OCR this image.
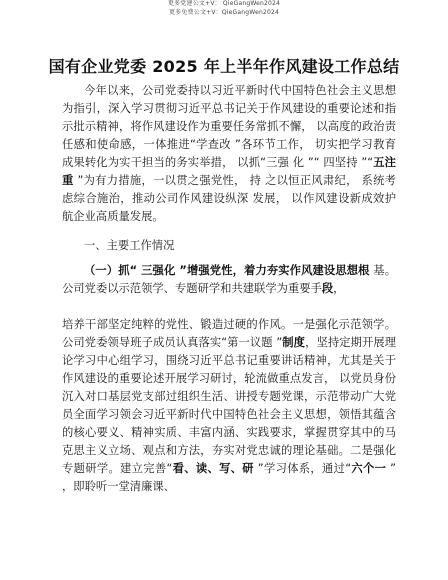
更多党建公文+V： QieGangWen2024
更多免费公文+V：QieGangWen2024
国有企业党委 2025 年上半年作风建设工作总结

今年以来，公司党委持以习近平新时代中国特色社会主义思想为指引，深入学习贯彻习近平总书记关于作风建设的重要论述和指示批示精神，将作风建设作为重要任务常抓不懈， 以高度的政治责任感和使命感，一体推进“学查改 ”各环节工作， 切实把学习教育成果转化为实干担当的务实举措， 以抓“三强 化 ”“ 四坚持 ”“五注重 ”为有力措施，一以贯之强党性， 持 之以恒正风肃纪， 系统考虑综合施治，推动公司作风建设纵深 发展， 以作风建设新成效护航企业高质量发展。

一、主要工作情况

（一）抓“ 三强化 ”增强党性，着力夯实作风建设思想根 基。公司党委以示范领学、专题研学和共建联学为重要手段，

培养干部坚定纯粹的党性、锻造过硬的作风。一是强化示范领学。公司党委领导班子成员认真落实“第一议题 ”制度，坚持定期开展理论学习中心组学习，围绕习近平总书记重要讲话精神，尤其是关于作风建设的重要论述开展学习研讨，轮流做重点发言， 以党员身份沉入对口基层党支部过组织生活、讲授专题党课，示范带动广大党员全面学习领会习近平新时代中国特色社会主义思想，领悟其蕴含的核心要义、精神实质、丰富内涵、实践要求，掌握贯穿其中的马克思主义立场、观点和方法，夯实对党忠诚的理论基础。二是强化专题研学。建立完善“看、读、写、研 ”学习体系，通过“六个一 ” ，即聆听一堂清廉课、
